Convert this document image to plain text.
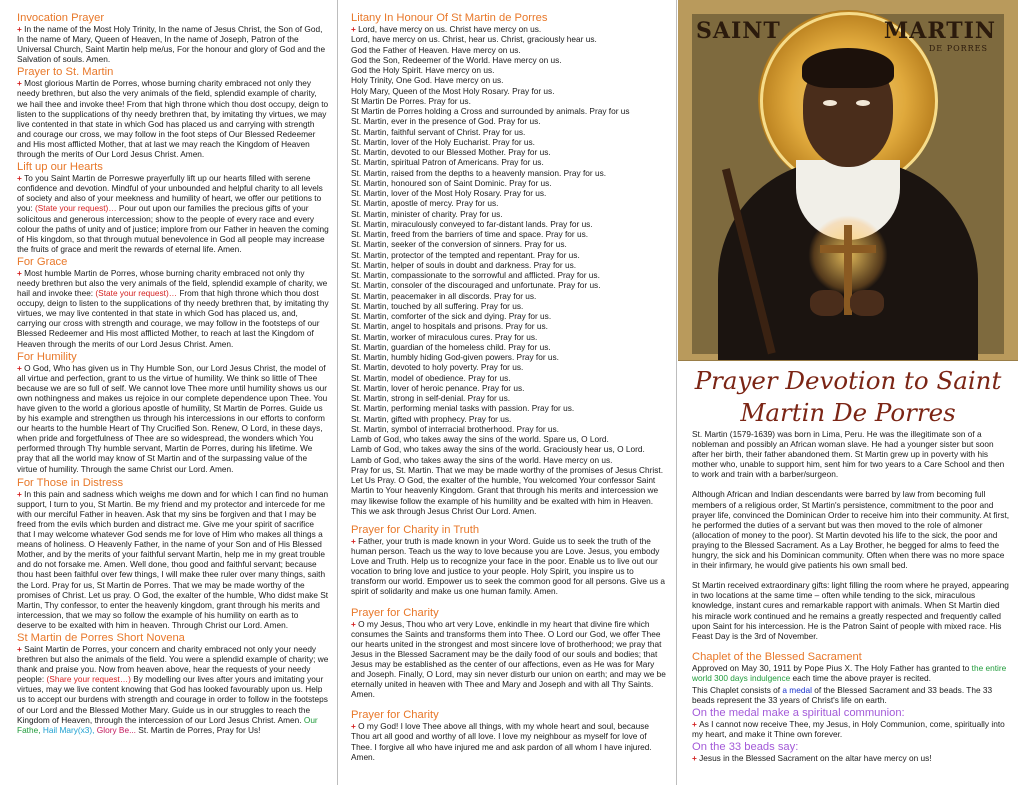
Invocation Prayer
+ In the name of the Most Holy Trinity, In the name of Jesus Christ, the Son of God, In the name of Mary, Queen of Heaven, In the name of Joseph, Patron of the Universal Church, Saint Martin help me/us, For the honour and glory of God and the Salvation of souls. Amen.
Prayer to St. Martin
+ Most glorious Martin de Porres, whose burning charity embraced not only they needy brethren, but also the very animals of the field, splendid example of charity, we hail thee and invoke thee! From that high throne which thou dost occupy, deign to listen to the supplications of thy needy brethren that, by imitating thy virtues, we may live contented in that state in which God has placed us and carrying with strength and courage our cross, we may follow in the foot steps of Our Blessed Redeemer and His most afflicted Mother, that at last we may reach the Kingdom of Heaven through the merits of Our Lord Jesus Christ. Amen.
Lift up our Hearts
+ To you Saint Martin de Porreswe prayerfully lift up our hearts filled with serene confidence and devotion. Mindful of your unbounded and helpful charity to all levels of society and also of your meekness and humility of heart, we offer our petitions to you: (State your request)… Pour out upon our families the precious gifts of your solicitous and generous intercession; show to the people of every race and every colour the paths of unity and of justice; implore from our Father in heaven the coming of His kingdom, so that through mutual benevolence in God all people may increase the fruits of grace and merit the rewards of eternal life. Amen.
For Grace
+ Most humble Martin de Porres, whose burning charity embraced not only thy needy brethren but also the very animals of the field, splendid example of charity, we hail and invoke thee: (State your request)… From that high throne which thou dost occupy, deign to listen to the supplications of thy needy brethren that, by imitating thy virtues, we may live contented in that state in which God has placed us, and, carrying our cross with strength and courage, we may follow in the footsteps of our Blessed Redeemer and His most afflicted Mother, to reach at last the Kingdom of Heaven through the merits of our Lord Jesus Christ. Amen.
For Humility
+ O God, Who has given us in Thy Humble Son, our Lord Jesus Christ, the model of all virtue and perfection, grant to us the virtue of humility. We think so little of Thee because we are so full of self. We cannot love Thee more until humility shows us our own nothingness and makes us rejoice in our complete dependence upon Thee. You have given to the world a glorious apostle of humility, St Martin de Porres. Guide us by his example and strengthen us through his intercessions in our efforts to conform our hearts to the humble Heart of Thy Crucified Son. Renew, O Lord, in these days, when pride and forgetfulness of Thee are so widespread, the wonders which You performed through Thy humble servant, Martin de Porres, during his lifetime. We pray that all the world may know of St Martin and of the surpassing value of the virtue of humility. Through the same Christ our Lord. Amen.
For Those in Distress
+ In this pain and sadness which weighs me down and for which I can find no human support, I turn to you, St Martin. Be my friend and my protector and intercede for me with our merciful Father in heaven. Ask that my sins be forgiven and that I may be freed from the evils which burden and distract me. Give me your spirit of sacrifice that I may welcome whatever God sends me for love of Him who makes all things a means of holiness. O Heavenly Father, in the name of your Son and of His Blessed Mother, and by the merits of your faithful servant Martin, help me in my great trouble and do not forsake me. Amen. Well done, thou good and faithful servant; because thou hast been faithful over few things, I will make thee ruler over many things, saith the Lord. Pray for us, St Martin de Porres. That we may be made worthy of the promises of Christ. Let us pray. O God, the exalter of the humble, Who didst make St Martin, Thy confessor, to enter the heavenly kingdom, grant through his merits and intercession, that we may so follow the example of his humility on earth as to deserve to be exalted with him in heaven. Through Christ our Lord. Amen.
St Martin de Porres Short Novena
+ Saint Martin de Porres, your concern and charity embraced not only your needy brethren but also the animals of the field. You were a splendid example of charity; we thank and praise you. Now from heaven above, hear the requests of your needy people: (Share your request…) By modelling our lives after yours and imitating your virtues, may we live content knowing that God has looked favourably upon us. Help us to accept our burdens with strength and courage in order to follow in the footsteps of our Lord and the Blessed Mother Mary. Guide us in our struggles to reach the Kingdom of Heaven, through the intercession of our Lord Jesus Christ. Amen. Our Fathe, Hail Mary(x3), Glory Be... St. Martin de Porres, Pray for Us!
Litany In Honour Of St Martin de Porres
+ Lord, have mercy on us. Christ have mercy on us.
Lord, have mercy on us. Christ, hear us. Christ, graciously hear us.
God the Father of Heaven. Have mercy on us.
God the Son, Redeemer of the World. Have mercy on us.
God the Holy Spirit. Have mercy on us.
Holy Trinity, One God. Have mercy on us.
Holy Mary, Queen of the Most Holy Rosary. Pray for us.
St Martin De Porres. Pray for us.
St Martin de Porres holding a Cross and surrounded by animals. Pray for us
St. Martin, ever in the presence of God. Pray for us.
St. Martin, faithful servant of Christ. Pray for us.
St. Martin, lover of the Holy Eucharist. Pray for us.
St. Martin, devoted to our Blessed Mother. Pray for us.
St. Martin, spiritual Patron of Americans. Pray for us.
St. Martin, raised from the depths to a heavenly mansion. Pray for us.
St. Martin, honoured son of Saint Dominic. Pray for us.
St. Martin, lover of the Most Holy Rosary. Pray for us.
St. Martin, apostle of mercy. Pray for us.
St. Martin, minister of charity. Pray for us.
St. Martin, miraculously conveyed to far-distant lands. Pray for us.
St. Martin, freed from the barriers of time and space. Pray for us.
St. Martin, seeker of the conversion of sinners. Pray for us.
St. Martin, protector of the tempted and repentant. Pray for us.
St. Martin, helper of souls in doubt and darkness. Pray for us.
St. Martin, compassionate to the sorrowful and afflicted. Pray for us.
St. Martin, consoler of the discouraged and unfortunate. Pray for us.
St. Martin, peacemaker in all discords. Pray for us.
St. Martin, touched by all suffering. Pray for us.
St. Martin, comforter of the sick and dying. Pray for us.
St. Martin, angel to hospitals and prisons. Pray for us.
St. Martin, worker of miraculous cures. Pray for us.
St. Martin, guardian of the homeless child. Pray for us.
St. Martin, humbly hiding God-given powers. Pray for us.
St. Martin, devoted to holy poverty. Pray for us.
St. Martin, model of obedience. Pray for us.
St. Martin, lover of heroic penance. Pray for us.
St. Martin, strong in self-denial. Pray for us.
St. Martin, performing menial tasks with passion. Pray for us.
St. Martin, gifted with prophecy. Pray for us.
St. Martin, symbol of interracial brotherhood. Pray for us.
Lamb of God, who takes away the sins of the world. Spare us, O Lord.
Lamb of God, who takes away the sins of the world. Graciously hear us, O Lord.
Lamb of God, who takes away the sins of the world. Have mercy on us.
Pray for us, St. Martin. That we may be made worthy of the promises of Jesus Christ.
Let Us Pray. O God, the exalter of the humble, You welcomed Your confessor Saint
Martin to Your heavenly Kingdom. Grant that through his merits and intercession we
may likewise follow the example of his humility and be exalted with him in Heaven.
This we ask through Jesus Christ Our Lord. Amen.
Prayer for Charity in Truth
+ Father, your truth is made known in your Word. Guide us to seek the truth of the human person. Teach us the way to love because you are Love. Jesus, you embody Love and Truth. Help us to recognize your face in the poor. Enable us to live out our vocation to bring love and justice to your people. Holy Spirit, you inspire us to transform our world. Empower us to seek the common good for all persons. Give us a spirit of solidarity and make us one human family. Amen.
Prayer for Charity
+ O my Jesus, Thou who art very Love, enkindle in my heart that divine fire which consumes the Saints and transforms them into Thee. O Lord our God, we offer Thee our hearts united in the strongest and most sincere love of brotherhood; we pray that Jesus in the Blessed Sacrament may be the daily food of our souls and bodies; that Jesus may be established as the center of our affections, even as He was for Mary and Joseph. Finally, O Lord, may sin never disturb our union on earth; and may we be eternally united in heaven with Thee and Mary and Joseph and with all Thy Saints. Amen.
Prayer for Charity
+ O my God! I love Thee above all things, with my whole heart and soul, because Thou art all good and worthy of all love. I love my neighbour as myself for love of Thee. I forgive all who have injured me and ask pardon of all whom I have injured. Amen.
SAINT	MARTIN
DE PORRES
Prayer Devotion to Saint
Martin De Porres
St. Martin (1579-1639) was born in Lima, Peru. He was the illegitimate son of a nobleman and possibly an African woman slave. He had a younger sister but soon after her birth, their father abandoned them. St Martin grew up in poverty with his mother who, unable to support him, sent him for two years to a Care School and then to work and train with a barber/surgeon.
Although African and Indian descendants were barred by law from becoming full members of a religious order, St Martin's persistence, commitment to the poor and prayer life, convinced the Dominican Order to receive him into their community. At first, he performed the duties of a servant but was then moved to the role of almoner (allocation of money to the poor). St Martin devoted his life to the sick, the poor and praying to the Blessed Sacrament. As a Lay Brother, he begged for alms to feed the hungry, the sick and his Dominican community. Often when there was no more space in their infirmary, he would give patients his own small bed.
St Martin received extraordinary gifts: light filling the room where he prayed, appearing in two locations at the same time – often while tending to the sick, miraculous knowledge, instant cures and remarkable rapport with animals. When St Martin died his miracle work continued and he remains a greatly respected and frequently called upon Saint for his intercession. He is the Patron Saint of people with mixed race. His Feast Day is the 3rd of November.
Chaplet of the Blessed Sacrament
Approved on May 30, 1911 by Pope Pius X. The Holy Father has granted to the entire world 300 days indulgence each time the above prayer is recited.
This Chaplet consists of a medal of the Blessed Sacrament and 33 beads. The 33 beads represent the 33 years of Christ's life on earth.
On the medal make a spiritual communion:
+ As I cannot now receive Thee, my Jesus, in Holy Communion, come, spiritually into my heart, and make it Thine own forever.
On the 33 beads say:
+ Jesus in the Blessed Sacrament on the altar have mercy on us!
